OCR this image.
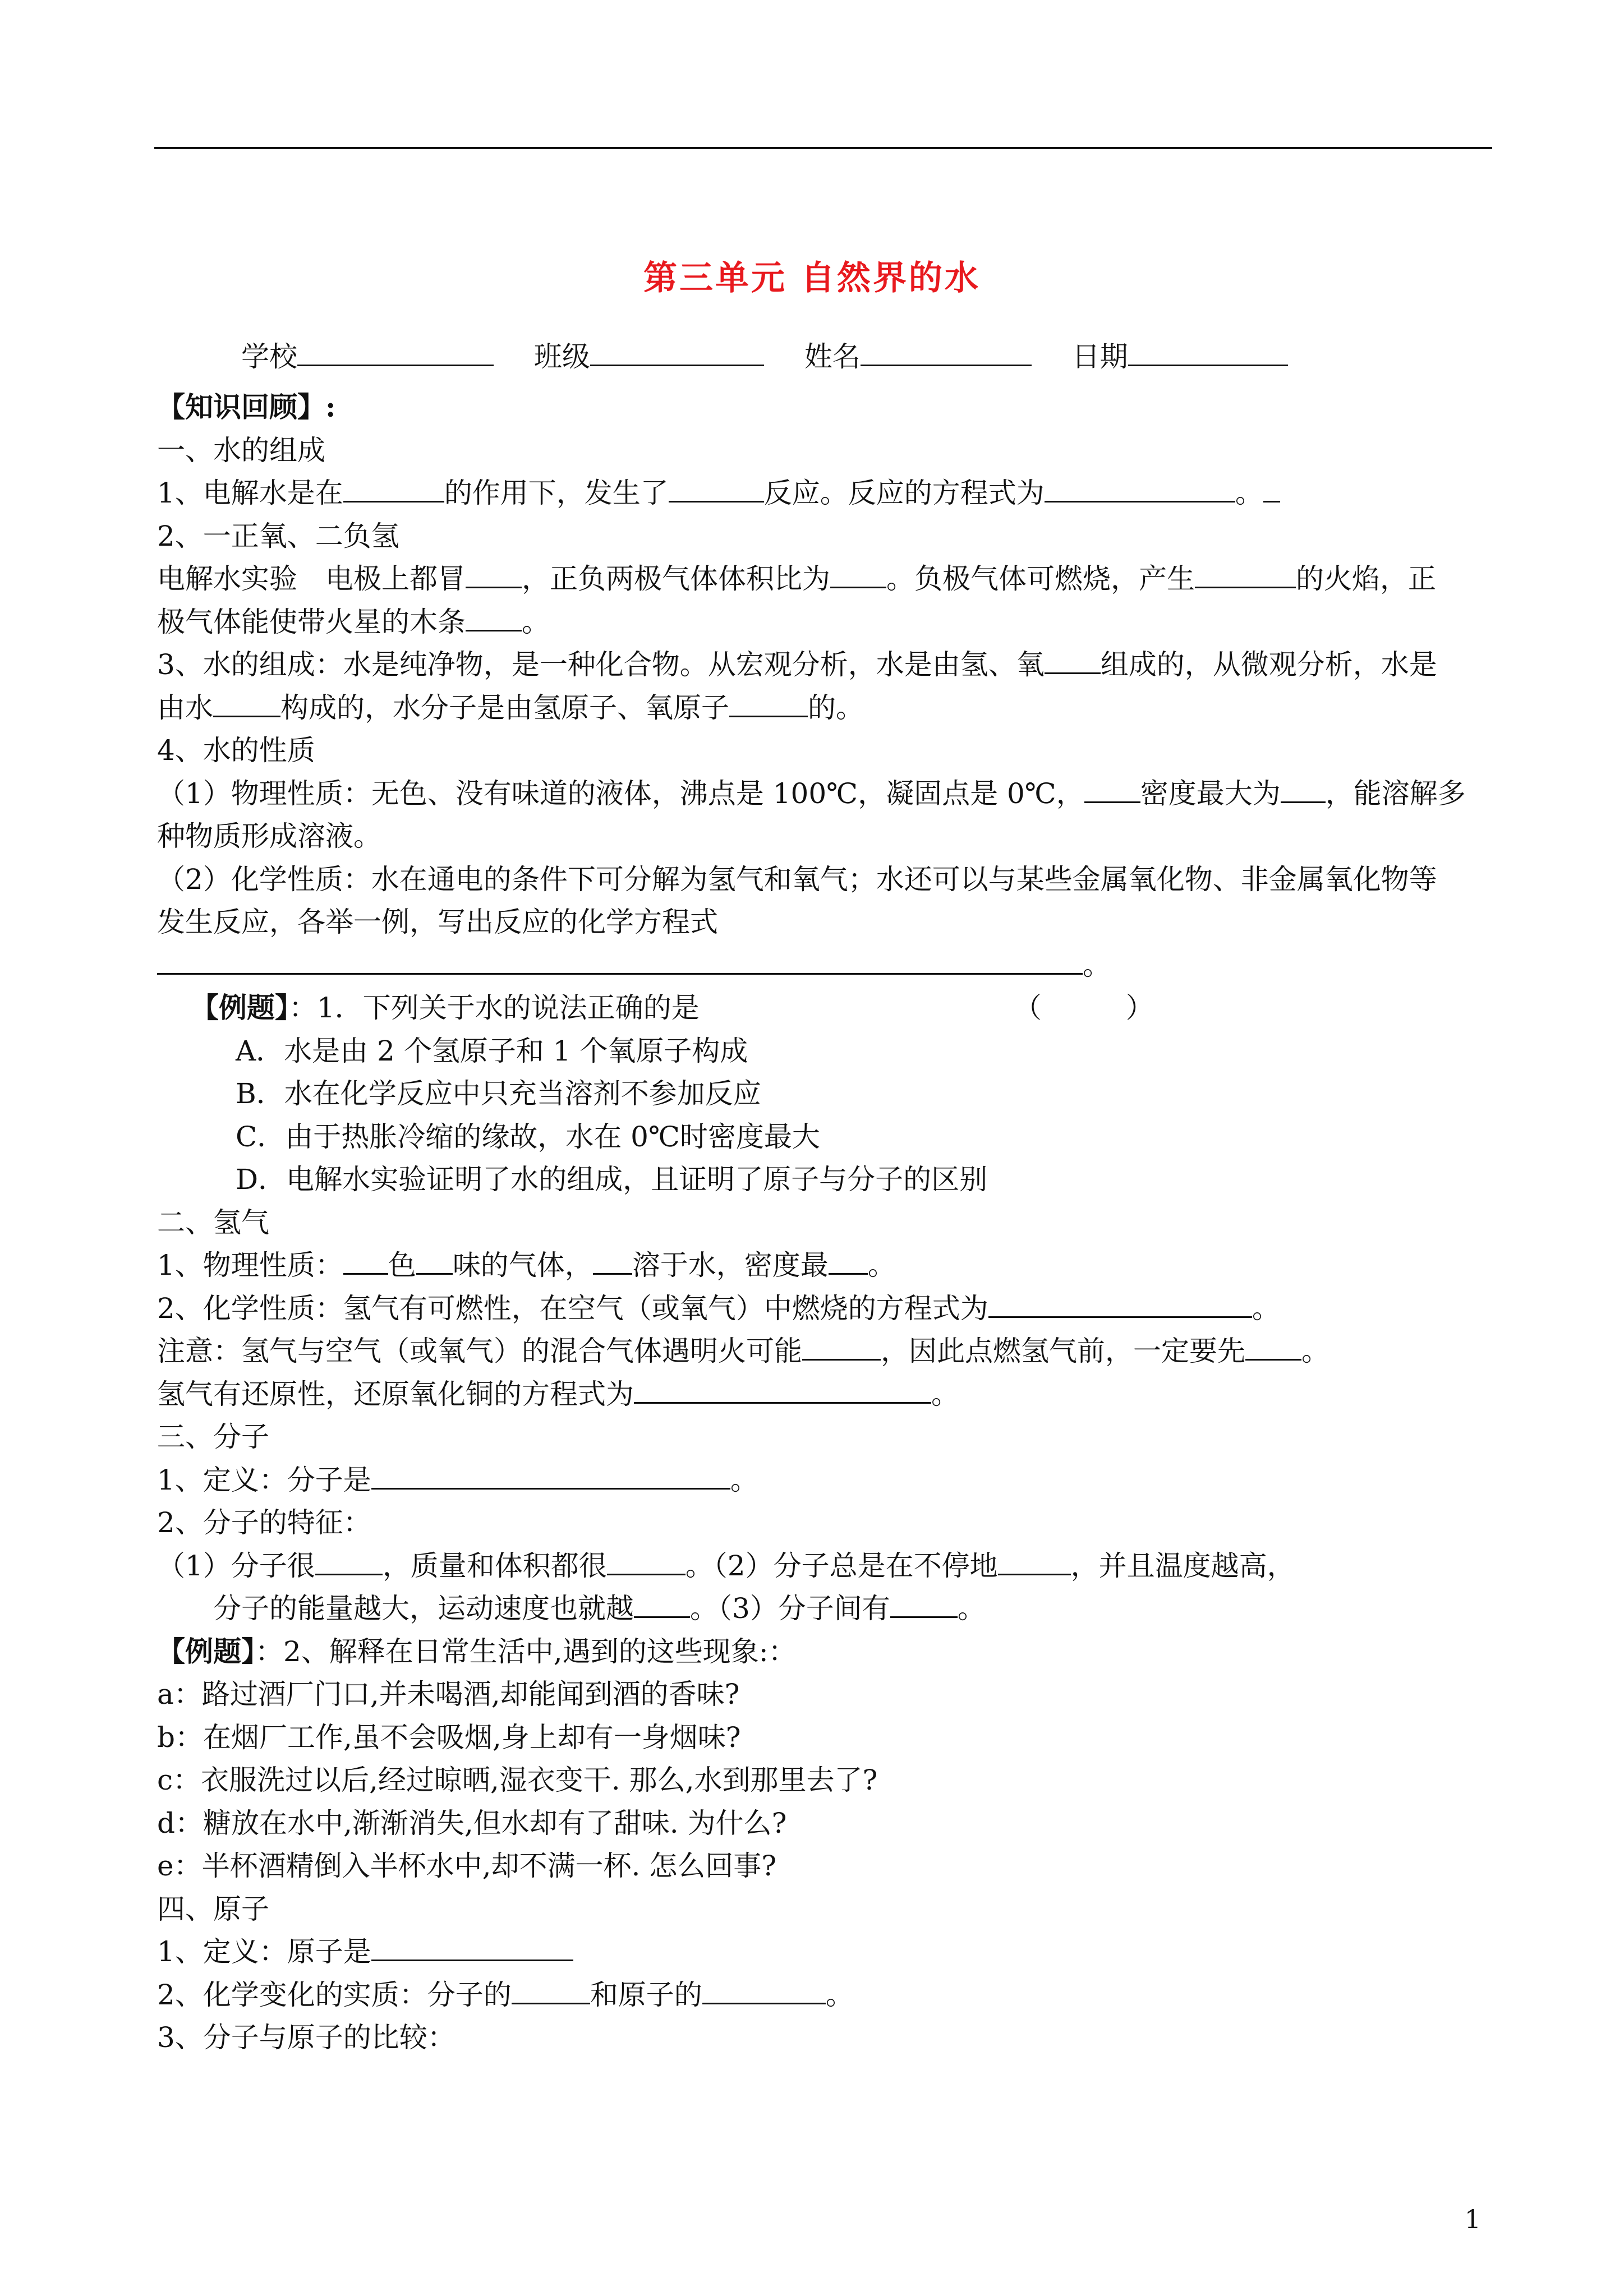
第三单元 自然界的水
学校	班级	姓名	日期
【知识回顾】:
一、水的组成
1、电解水是在	的作用下，发生了	反应。反应的方程式为	。
2、一正氧、二负氢
电解水实验　电极上都冒 ，正负两极气体体积比为 。负极气体可燃烧，产生	的火焰，正
极气体能使带火星的木条 。
3、水的组成：水是纯净物，是一种化合物。从宏观分析，水是由氢、氧 组成的，从微观分析，水是
由水 构成的，水分子是由氢原子、氧原子	的。
4、水的性质
（1）物理性质：无色、没有味道的液体，沸点是 100℃，凝固点是 0℃， 密度最大为 ，能溶解多
种物质形成溶液。
（2）化学性质：水在通电的条件下可分解为氢气和氧气；水还可以与某些金属氧化物、非金属氧化物等
发生反应，各举一例，写出反应的化学方程式
。
【例题】：1．下列关于水的说法正确的是	（　　　）
A．水是由 2 个氢原子和 1 个氧原子构成
B．水在化学反应中只充当溶剂不参加反应
C．由于热胀冷缩的缘故，水在 0℃时密度最大
D．电解水实验证明了水的组成，且证明了原子与分子的区别
二、氢气
1、物理性质： 色 味的气体， 溶于水，密度最 。
2、化学性质：氢气有可燃性，在空气（或氧气）中燃烧的方程式为	。
注意：氢气与空气（或氧气）的混合气体遇明火可能	，因此点燃氢气前，一定要先 。
氢气有还原性，还原氧化铜的方程式为	。
三、分子
1、定义：分子是	。
2、分子的特征：
（1）分子很 ，质量和体积都很	。（2）分子总是在不停地	，并且温度越高，
分子的能量越大，运动速度也就越 。（3）分子间有 。
【例题】：2、解释在日常生活中,遇到的这些现象:：
a：路过酒厂门口,并未喝酒,却能闻到酒的香味?
b：在烟厂工作,虽不会吸烟,身上却有一身烟味?
c：衣服洗过以后,经过晾晒,湿衣变干. 那么,水到那里去了?
d：糖放在水中,渐渐消失,但水却有了甜味. 为什么?
e：半杯酒精倒入半杯水中,却不满一杯. 怎么回事?
四、原子
1、定义：原子是
2、化学变化的实质：分子的	和原子的	。
3、分子与原子的比较：
1
